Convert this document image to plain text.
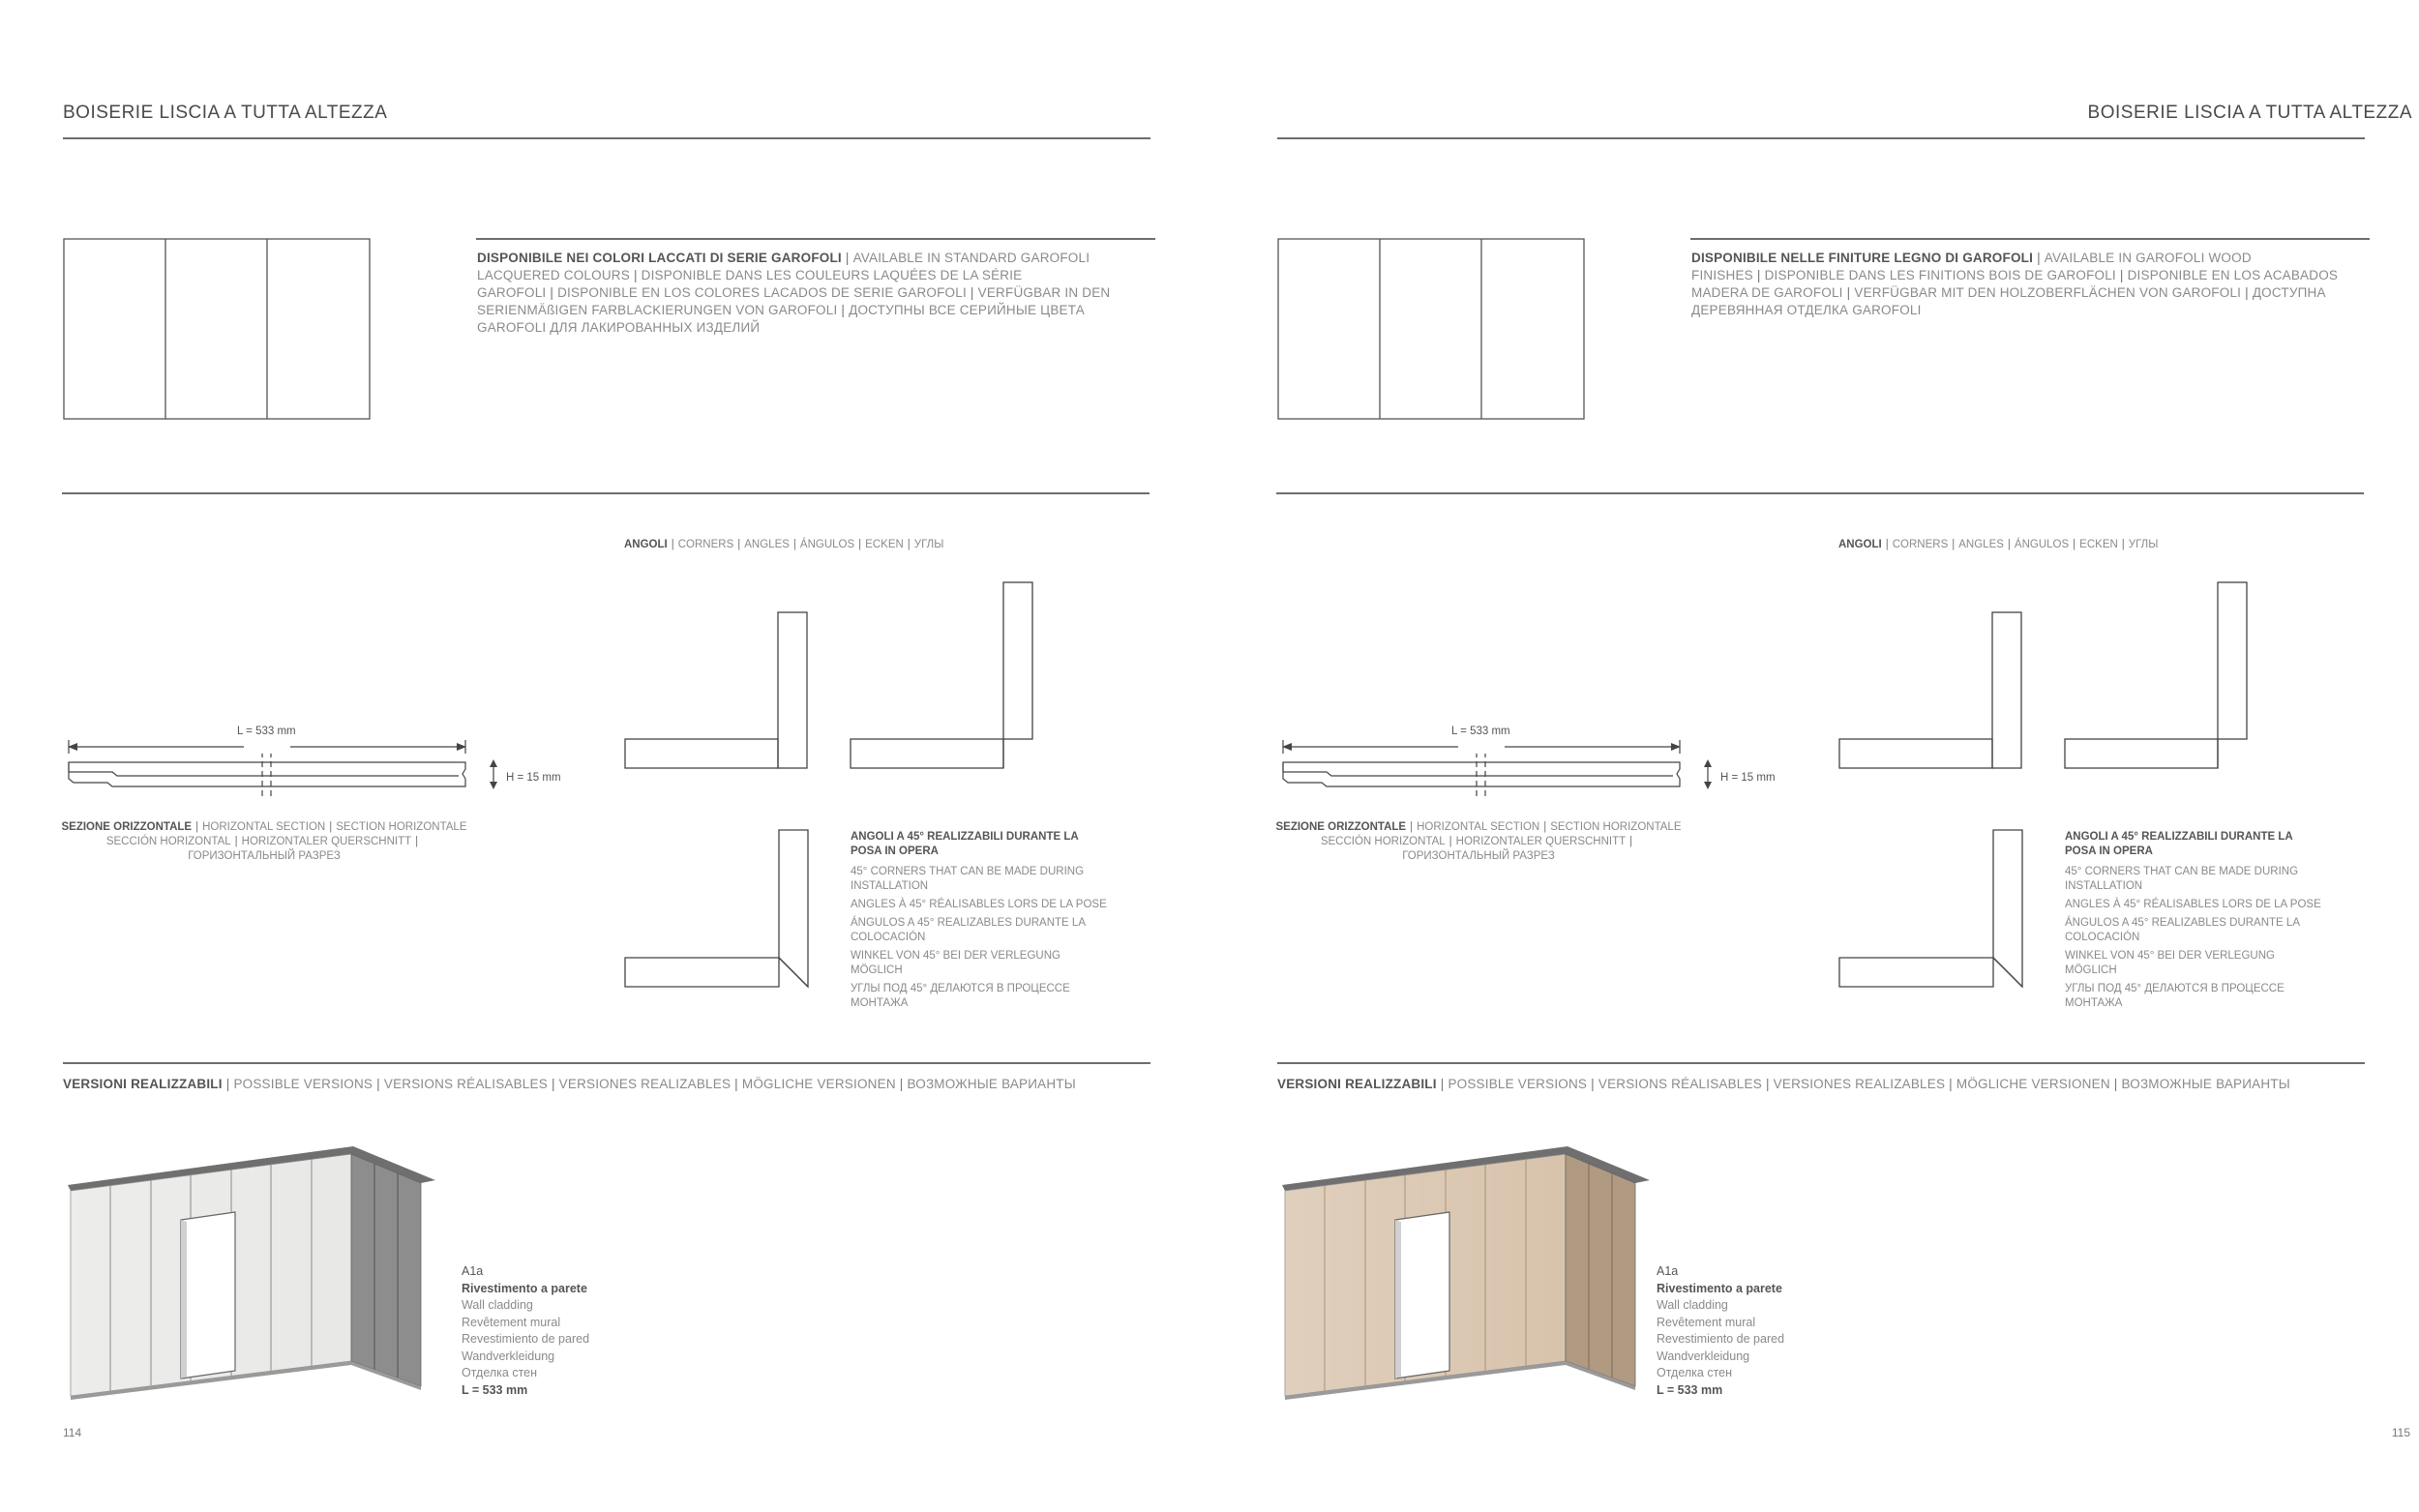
BOISERIE LISCIA A TUTTA ALTEZZA
DISPONIBILE NEI COLORI LACCATI DI SERIE GAROFOLI | AVAILABLE IN STANDARD GAROFOLI LACQUERED COLOURS | DISPONIBLE DANS LES COULEURS LAQUÉES DE LA SÉRIE GAROFOLI | DISPONIBLE EN LOS COLORES LACADOS DE SERIE GAROFOLI | VERFÜGBAR IN DEN SERIENMÄßIGEN FARBLACKIERUNGEN VON GAROFOLI | ДОСТУПНЫ ВСЕ СЕРИЙНЫЕ ЦВЕТА GAROFOLI ДЛЯ ЛАКИРОВАННЫХ ИЗДЕЛИЙ
ANGOLI | CORNERS | ANGLES | ÁNGULOS | ECKEN | УГЛЫ
L = 533 mm
H = 15 mm
SEZIONE ORIZZONTALE | HORIZONTAL SECTION | SECTION HORIZONTALE
SECCIÓN HORIZONTAL | HORIZONTALER QUERSCHNITT |
ГОРИЗОНТАЛЬНЫЙ РАЗРЕЗ
ANGOLI A 45° REALIZZABILI DURANTE LA POSA IN OPERA
45° CORNERS THAT CAN BE MADE DURING INSTALLATION
ANGLES À 45° RÉALISABLES LORS DE LA POSE
ÁNGULOS A 45° REALIZABLES DURANTE LA COLOCACIÓN
WINKEL VON 45° BEI DER VERLEGUNG MÖGLICH
УГЛЫ ПОД 45° ДЕЛАЮТСЯ В ПРОЦЕССЕ МОНТАЖА
VERSIONI REALIZZABILI | POSSIBLE VERSIONS | VERSIONS RÉALISABLES | VERSIONES REALIZABLES | MÖGLICHE VERSIONEN | ВОЗМОЖНЫЕ ВАРИАНТЫ
A1a
Rivestimento a parete
Wall cladding
Revêtement mural
Revestimiento de pared
Wandverkleidung
Отделка стен
L = 533 mm
114
BOISERIE LISCIA A TUTTA ALTEZZA
DISPONIBILE NELLE FINITURE LEGNO DI GAROFOLI | AVAILABLE IN GAROFOLI WOOD FINISHES | DISPONIBLE DANS LES FINITIONS BOIS DE GAROFOLI | DISPONIBLE EN LOS ACABADOS MADERA DE GAROFOLI | VERFÜGBAR MIT DEN HOLZOBERFLÄCHEN VON GAROFOLI | ДОСТУПНА ДЕРЕВЯННАЯ ОТДЕЛКА GAROFOLI
ANGOLI | CORNERS | ANGLES | ÁNGULOS | ECKEN | УГЛЫ
L = 533 mm
H = 15 mm
SEZIONE ORIZZONTALE | HORIZONTAL SECTION | SECTION HORIZONTALE
SECCIÓN HORIZONTAL | HORIZONTALER QUERSCHNITT |
ГОРИЗОНТАЛЬНЫЙ РАЗРЕЗ
ANGOLI A 45° REALIZZABILI DURANTE LA POSA IN OPERA
45° CORNERS THAT CAN BE MADE DURING INSTALLATION
ANGLES À 45° RÉALISABLES LORS DE LA POSE
ÁNGULOS A 45° REALIZABLES DURANTE LA COLOCACIÓN
WINKEL VON 45° BEI DER VERLEGUNG MÖGLICH
УГЛЫ ПОД 45° ДЕЛАЮТСЯ В ПРОЦЕССЕ МОНТАЖА
VERSIONI REALIZZABILI | POSSIBLE VERSIONS | VERSIONS RÉALISABLES | VERSIONES REALIZABLES | MÖGLICHE VERSIONEN | ВОЗМОЖНЫЕ ВАРИАНТЫ
A1a
Rivestimento a parete
Wall cladding
Revêtement mural
Revestimiento de pared
Wandverkleidung
Отделка стен
L = 533 mm
115
